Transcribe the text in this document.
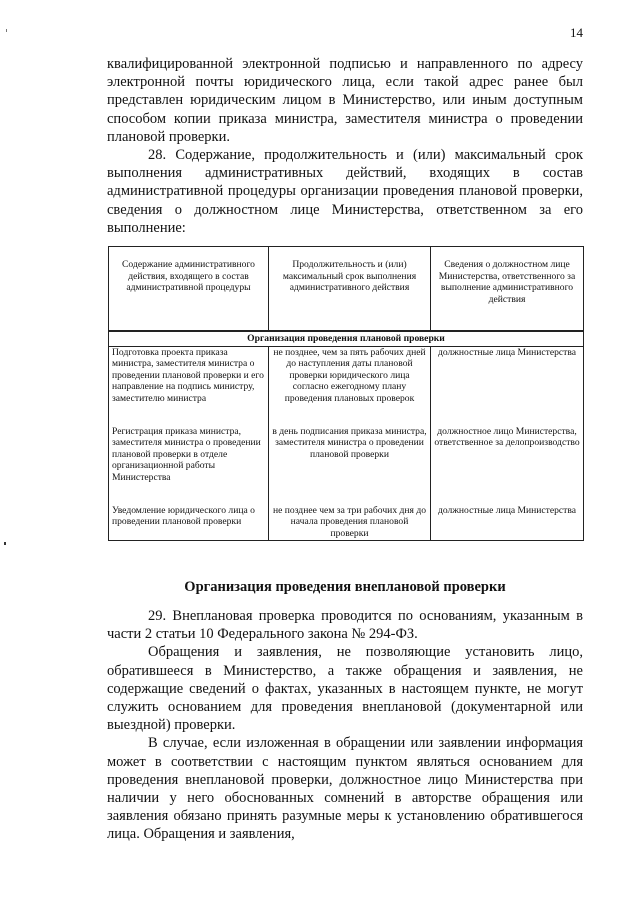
14

квалифицированной электронной подписью и направленного по адресу электронной почты юридического лица, если такой адрес ранее был представлен юридическим лицом в Министерство, или иным доступным способом копии приказа министра, заместителя министра о проведении плановой проверки.

28. Содержание, продолжительность и (или) максимальный срок выполнения административных действий, входящих в состав административной процедуры организации проведения плановой проверки, сведения о должностном лице Министерства, ответственном за его выполнение:

Содержание административного действия, входящего в состав административной процедуры	Продолжительность и (или) максимальный срок выполнения административного действия	Сведения о должностном лице Министерства, ответственного за выполнение административного действия
Организация проведения плановой проверки		
Подготовка проекта приказа министра, заместителя министра о проведении плановой проверки и его направление на подпись министру, заместителю министра	не позднее, чем за пять рабочих дней до наступления даты плановой проверки юридического лица согласно ежегодному плану проведения плановых проверок	должностные лица Министерства
Регистрация приказа министра, заместителя министра о проведении плановой проверки в отделе организационной работы Министерства	в день подписания приказа министра, заместителя министра о проведении плановой проверки	должностное лицо Министерства, ответственное за делопроизводство
Уведомление юридического лица о проведении плановой проверки	не позднее чем за три рабочих дня до начала проведения плановой проверки	должностные лица Министерства
Организация проведения внеплановой проверки

29. Внеплановая проверка проводится по основаниям, указанным в части 2 статьи 10 Федерального закона № 294-ФЗ.

Обращения и заявления, не позволяющие установить лицо, обратившееся в Министерство, а также обращения и заявления, не содержащие сведений о фактах, указанных в настоящем пункте, не могут служить основанием для проведения внеплановой (документарной или выездной) проверки.

В случае, если изложенная в обращении или заявлении информация может в соответствии с настоящим пунктом являться основанием для проведения внеплановой проверки, должностное лицо Министерства при наличии у него обоснованных сомнений в авторстве обращения или заявления обязано принять разумные меры к установлению обратившегося лица. Обращения и заявления,
